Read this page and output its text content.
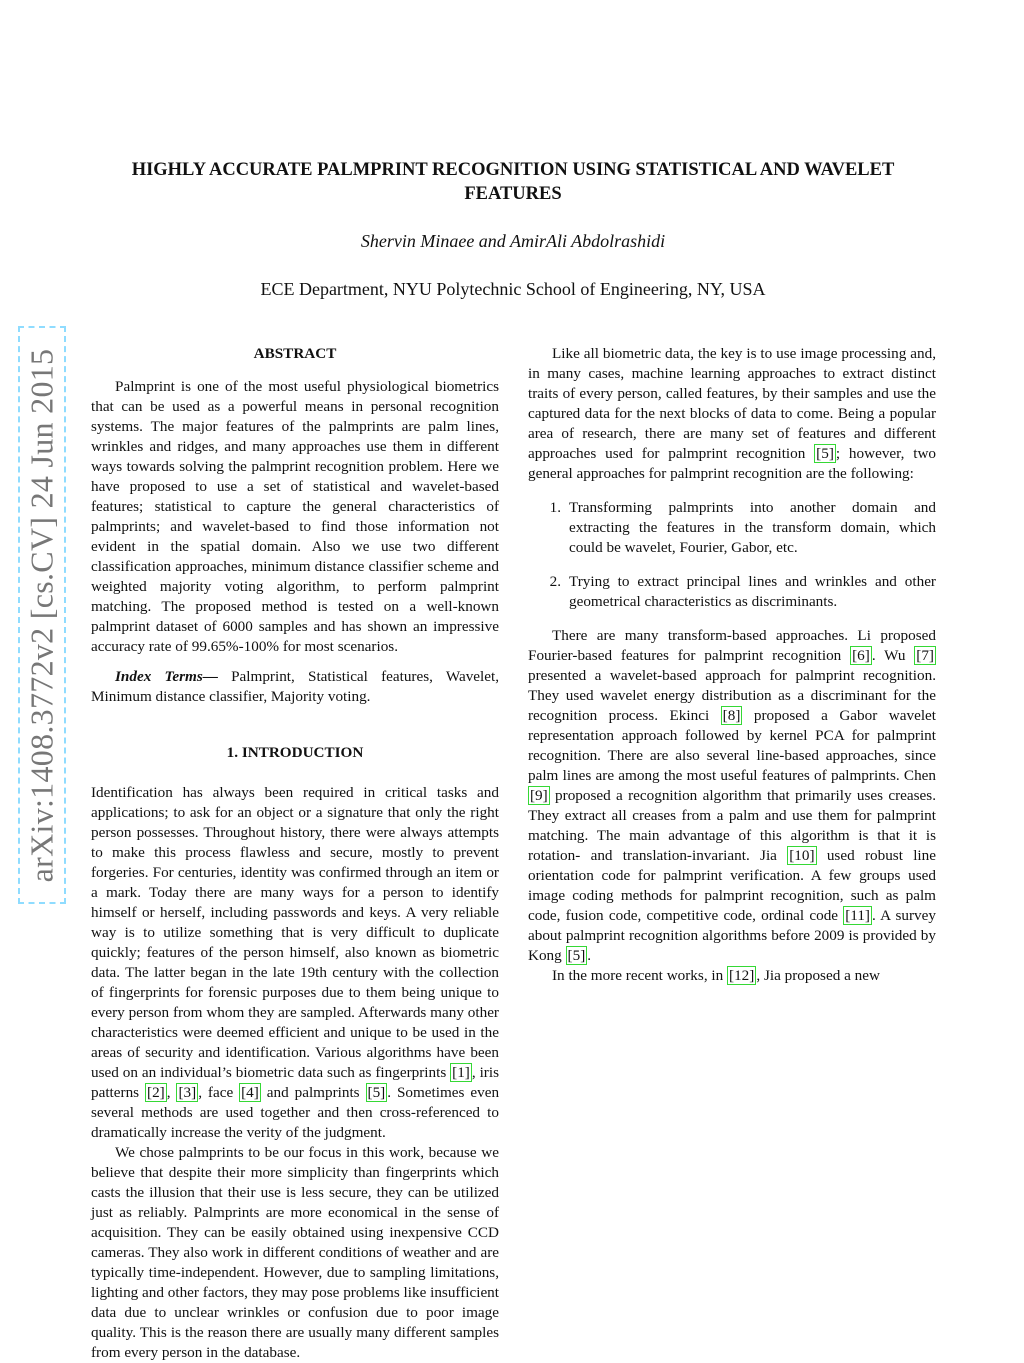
arXiv:1408.3772v2 [cs.CV] 24 Jun 2015
HIGHLY ACCURATE PALMPRINT RECOGNITION USING STATISTICAL AND WAVELET FEATURES
Shervin Minaee and AmirAli Abdolrashidi
ECE Department, NYU Polytechnic School of Engineering, NY, USA
ABSTRACT

Palmprint is one of the most useful physiological biometrics that can be used as a powerful means in personal recognition systems. The major features of the palmprints are palm lines, wrinkles and ridges, and many approaches use them in different ways towards solving the palmprint recognition problem. Here we have proposed to use a set of statistical and wavelet-based features; statistical to capture the general characteristics of palmprints; and wavelet-based to find those information not evident in the spatial domain. Also we use two different classification approaches, minimum distance classifier scheme and weighted majority voting algorithm, to perform palmprint matching. The proposed method is tested on a well-known palmprint dataset of 6000 samples and has shown an impressive accuracy rate of 99.65%-100% for most scenarios.

Index Terms— Palmprint, Statistical features, Wavelet, Minimum distance classifier, Majority voting.

1. INTRODUCTION

Identification has always been required in critical tasks and applications; to ask for an object or a signature that only the right person possesses. Throughout history, there were always attempts to make this process flawless and secure, mostly to prevent forgeries. For centuries, identity was confirmed through an item or a mark. Today there are many ways for a person to identify himself or herself, including passwords and keys. A very reliable way is to utilize something that is very difficult to duplicate quickly; features of the person himself, also known as biometric data. The latter began in the late 19th century with the collection of fingerprints for forensic purposes due to them being unique to every person from whom they are sampled. Afterwards many other characteristics were deemed efficient and unique to be used in the areas of security and identification. Various algorithms have been used on an individual’s biometric data such as fingerprints [1] , iris patterns [2] , [3] , face [4] and palmprints [5] . Sometimes even several methods are used together and then cross-referenced to dramatically increase the verity of the judgment.

We chose palmprints to be our focus in this work, because we believe that despite their more simplicity than fingerprints which casts the illusion that their use is less secure, they can be utilized just as reliably. Palmprints are more economical in the sense of acquisition. They can be easily obtained using inexpensive CCD cameras. They also work in different conditions of weather and are typically time-independent. However, due to sampling limitations, lighting and other factors, they may pose problems like insufficient data due to unclear wrinkles or confusion due to poor image quality. This is the reason there are usually many different samples from every person in the database.

Like all biometric data, the key is to use image processing and, in many cases, machine learning approaches to extract distinct traits of every person, called features, by their samples and use the captured data for the next blocks of data to come. Being a popular area of research, there are many set of features and different approaches used for palmprint recognition [5] ; however, two general approaches for palmprint recognition are the following:

1. Transforming palmprints into another domain and extracting the features in the transform domain, which could be wavelet, Fourier, Gabor, etc.
2. Trying to extract principal lines and wrinkles and other geometrical characteristics as discriminants.

There are many transform-based approaches. Li proposed Fourier-based features for palmprint recognition [6] . Wu [7] presented a wavelet-based approach for palmprint recognition. They used wavelet energy distribution as a discriminant for the recognition process. Ekinci [8] proposed a Gabor wavelet representation approach followed by kernel PCA for palmprint recognition. There are also several line-based approaches, since palm lines are among the most useful features of palmprints. Chen [9] proposed a recognition algorithm that primarily uses creases. They extract all creases from a palm and use them for palmprint matching. The main advantage of this algorithm is that it is rotation- and translation-invariant. Jia [10] used robust line orientation code for palmprint verification. A few groups used image coding methods for palmprint recognition, such as palm code, fusion code, competitive code, ordinal code [11] . A survey about palmprint recognition algorithms before 2009 is provided by Kong [5] .

In the more recent works, in [12] , Jia proposed a new
